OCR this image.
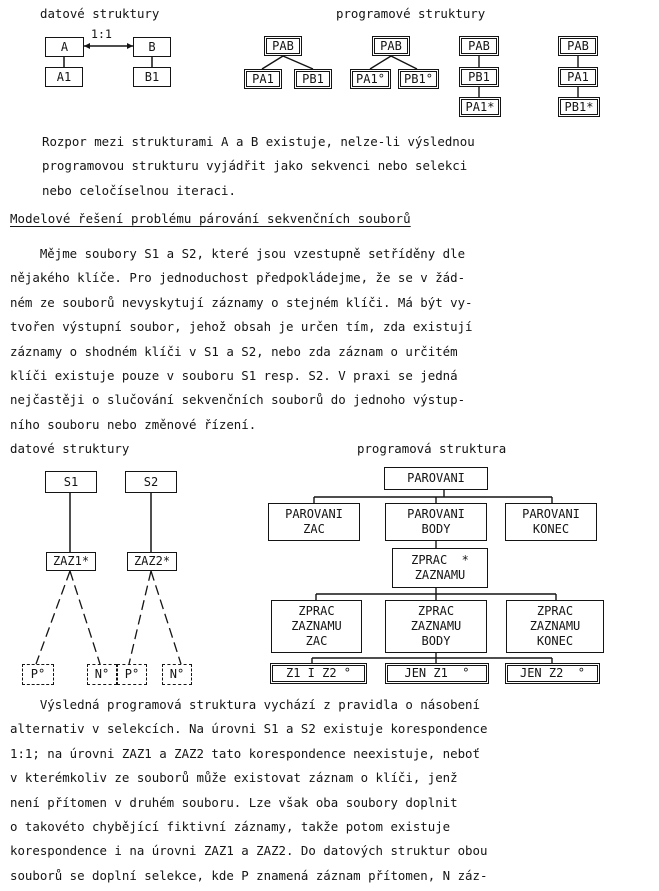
datové struktury	programové struktury
A
1:1
B
A1	B1
PAB
PA1	PB1
PAB
PA1°	PB1°
PAB
PB1
PA1*
PAB
PA1
PB1*
Rozpor mezi strukturami A a B existuje, nelze-li výslednou
programovou strukturu vyjádřit jako sekvenci nebo selekci
nebo celočíselnou iteraci.
Modelové řešení problému párování sekvenčních souborů
Mějme soubory S1 a S2, které jsou vzestupně setříděny dle
nějakého klíče. Pro jednoduchost předpokládejme, že se v žád-
ném ze souborů nevyskytují záznamy o stejném klíči. Má být vy-
tvořen výstupní soubor, jehož obsah je určen tím, zda existují
záznamy o shodném klíči v S1 a S2, nebo zda záznam o určitém
klíči existuje pouze v souboru S1 resp. S2. V praxi se jedná
nejčastěji o slučování sekvenčních souborů do jednoho výstup-
ního souboru nebo změnové řízení.
datové struktury	programová struktura
S1	S2
ZAZ1*	ZAZ2*
P°	N°	P°	N°
PAROVANI
PAROVANI
ZAC
PAROVANI
BODY
PAROVANI
KONEC
ZPRAC  *
ZAZNAMU
ZPRAC
ZAZNAMU
ZAC
ZPRAC
ZAZNAMU
BODY
ZPRAC
ZAZNAMU
KONEC
Z1 I Z2 °	JEN Z1  °	JEN Z2  °
Výsledná programová struktura vychází z pravidla o násobení
alternativ v selekcích. Na úrovni S1 a S2 existuje korespondence
1:1; na úrovni ZAZ1 a ZAZ2 tato korespondence neexistuje, neboť
v kterémkoliv ze souborů může existovat záznam o klíči, jenž
není přítomen v druhém souboru. Lze však oba soubory doplnit
o takovéto chybějící fiktivní záznamy, takže potom existuje
korespondence i na úrovni ZAZ1 a ZAZ2. Do datových struktur obou
souborů se doplní selekce, kde P znamená záznam přítomen, N záz-
